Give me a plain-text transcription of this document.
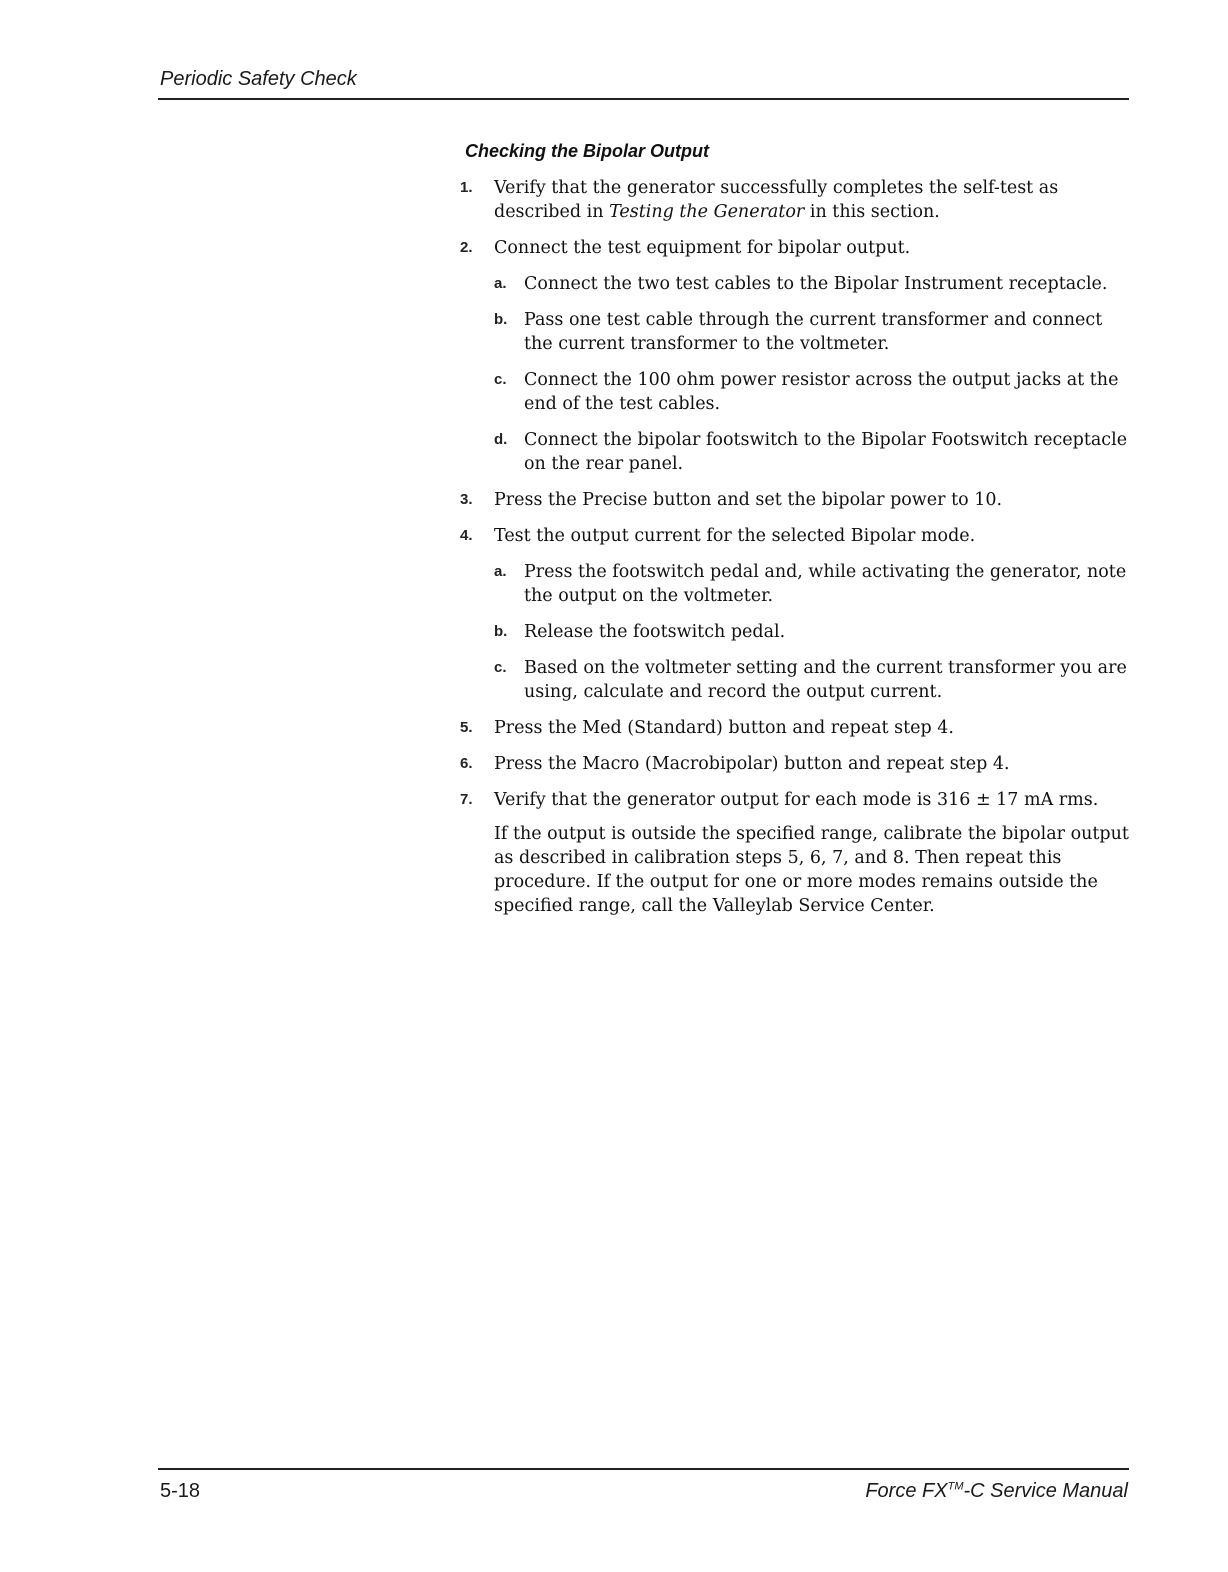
Periodic Safety Check
Checking the Bipolar Output
1. Verify that the generator successfully completes the self-test as described in Testing the Generator in this section.
2. Connect the test equipment for bipolar output.
a. Connect the two test cables to the Bipolar Instrument receptacle.
b. Pass one test cable through the current transformer and connect the current transformer to the voltmeter.
c. Connect the 100 ohm power resistor across the output jacks at the end of the test cables.
d. Connect the bipolar footswitch to the Bipolar Footswitch receptacle on the rear panel.
3. Press the Precise button and set the bipolar power to 10.
4. Test the output current for the selected Bipolar mode.
a. Press the footswitch pedal and, while activating the generator, note the output on the voltmeter.
b. Release the footswitch pedal.
c. Based on the voltmeter setting and the current transformer you are using, calculate and record the output current.
5. Press the Med (Standard) button and repeat step 4.
6. Press the Macro (Macrobipolar) button and repeat step 4.
7. Verify that the generator output for each mode is 316 ± 17 mA rms.
If the output is outside the specified range, calibrate the bipolar output as described in calibration steps 5, 6, 7, and 8. Then repeat this procedure. If the output for one or more modes remains outside the specified range, call the Valleylab Service Center.
5-18	Force FX™-C Service Manual
